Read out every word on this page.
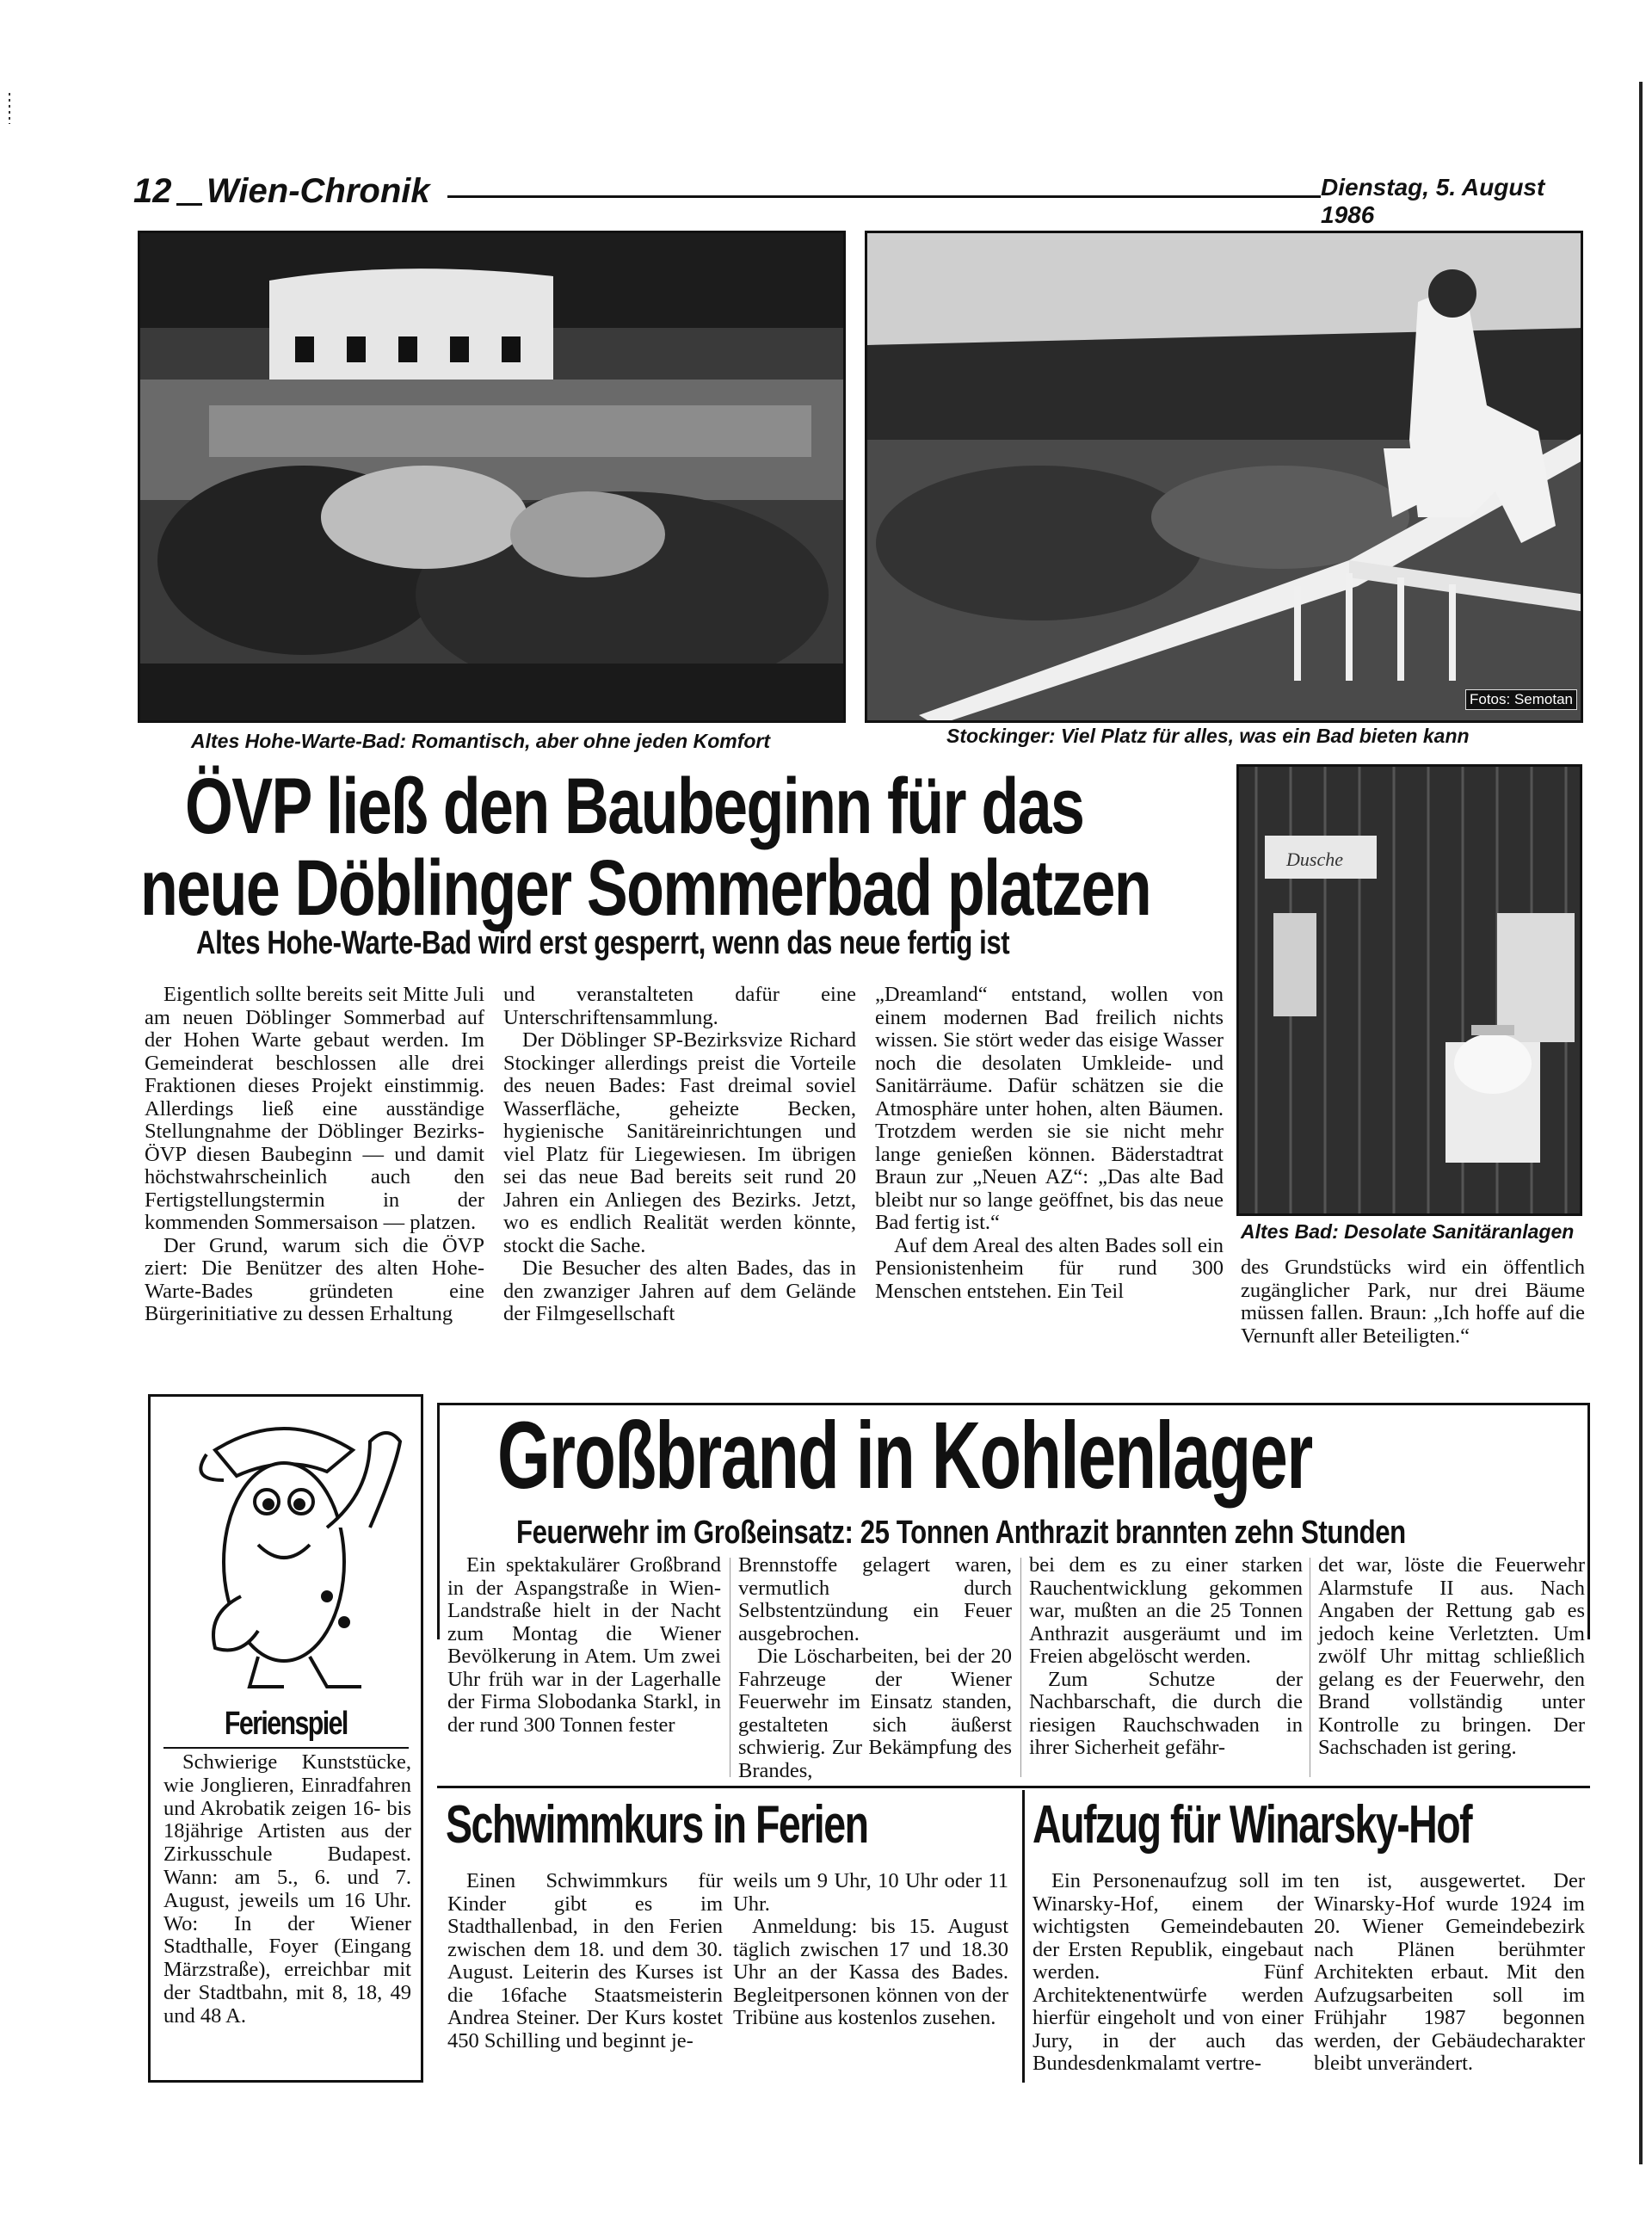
12 Wien-Chronik	Dienstag, 5. August 1986
Altes Hohe-Warte-Bad: Romantisch, aber ohne jeden Komfort
Fotos: Semotan
Stockinger: Viel Platz für alles, was ein Bad bieten kann
Dusche
Altes Bad: Desolate Sanitäranlagen
ÖVP ließ den Baubeginn für das
neue Döblinger Sommerbad platzen
Altes Hohe-Warte-Bad wird erst gesperrt, wenn das neue fertig ist

Eigentlich sollte bereits seit Mitte Juli am neuen Döblinger Sommerbad auf der Hohen Warte gebaut werden. Im Gemeinderat beschlossen alle drei Fraktionen dieses Projekt einstimmig. Allerdings ließ eine ausständige Stellungnahme der Döblinger Bezirks-ÖVP diesen Baubeginn — und damit höchstwahrscheinlich auch den Fertigstellungstermin in der kommenden Sommersaison — platzen.

Der Grund, warum sich die ÖVP ziert: Die Benützer des alten Hohe-Warte-Bades gründeten eine Bürgerinitiative zu dessen Erhaltung

und veranstalteten dafür eine Unterschriftensammlung.

Der Döblinger SP-Bezirksvize Richard Stockinger allerdings preist die Vorteile des neuen Bades: Fast dreimal soviel Wasserfläche, geheizte Becken, hygienische Sanitäreinrichtungen und viel Platz für Liegewiesen. Im übrigen sei das neue Bad bereits seit rund 20 Jahren ein Anliegen des Bezirks. Jetzt, wo es endlich Realität werden könnte, stockt die Sache.

Die Besucher des alten Bades, das in den zwanziger Jahren auf dem Gelände der Filmgesellschaft

„Dreamland“ entstand, wollen von einem modernen Bad freilich nichts wissen. Sie stört weder das eisige Wasser noch die desolaten Umkleide- und Sanitärräume. Dafür schätzen sie die Atmosphäre unter hohen, alten Bäumen. Trotzdem werden sie sie nicht mehr lange genießen können. Bäderstadtrat Braun zur „Neuen AZ“: „Das alte Bad bleibt nur so lange geöffnet, bis das neue Bad fertig ist.“

Auf dem Areal des alten Bades soll ein Pensionistenheim für rund 300 Menschen entstehen. Ein Teil

des Grundstücks wird ein öffentlich zugänglicher Park, nur drei Bäume müssen fallen. Braun: „Ich hoffe auf die Vernunft aller Beteiligten.“

Ferienspiel

Schwierige Kunststücke, wie Jonglieren, Einradfahren und Akrobatik zeigen 16- bis 18jährige Artisten aus der Zirkusschule Budapest. Wann: am 5., 6. und 7. August, jeweils um 16 Uhr. Wo: In der Wiener Stadthalle, Foyer (Eingang Märzstraße), erreichbar mit der Stadtbahn, mit 8, 18, 49 und 48 A.

Großbrand in Kohlenlager
Feuerwehr im Großeinsatz: 25 Tonnen Anthrazit brannten zehn Stunden

Ein spektakulärer Großbrand in der Aspangstraße in Wien-Landstraße hielt in der Nacht zum Montag die Wiener Bevölkerung in Atem. Um zwei Uhr früh war in der Lagerhalle der Firma Slobodanka Starkl, in der rund 300 Tonnen fester

Brennstoffe gelagert waren, vermutlich durch Selbstentzündung ein Feuer ausgebrochen.

Die Löscharbeiten, bei der 20 Fahrzeuge der Wiener Feuerwehr im Einsatz standen, gestalteten sich äußerst schwierig. Zur Bekämpfung des Brandes,

bei dem es zu einer starken Rauchentwicklung gekommen war, mußten an die 25 Tonnen Anthrazit ausgeräumt und im Freien abgelöscht werden.

Zum Schutze der Nachbarschaft, die durch die riesigen Rauchschwaden in ihrer Sicherheit gefähr-

det war, löste die Feuerwehr Alarmstufe II aus. Nach Angaben der Rettung gab es jedoch keine Verletzten. Um zwölf Uhr mittag schließlich gelang es der Feuerwehr, den Brand vollständig unter Kontrolle zu bringen. Der Sachschaden ist gering.

Schwimmkurs in Ferien

Einen Schwimmkurs für Kinder gibt es im Stadthallenbad, in den Ferien zwischen dem 18. und dem 30. August. Leiterin des Kurses ist die 16fache Staatsmeisterin Andrea Steiner. Der Kurs kostet 450 Schilling und beginnt je-

weils um 9 Uhr, 10 Uhr oder 11 Uhr.

Anmeldung: bis 15. August täglich zwischen 17 und 18.30 Uhr an der Kassa des Bades. Begleitpersonen können von der Tribüne aus kostenlos zusehen.

Aufzug für Winarsky-Hof

Ein Personenaufzug soll im Winarsky-Hof, einem der wichtigsten Gemeindebauten der Ersten Republik, eingebaut werden. Fünf Architektenentwürfe werden hierfür eingeholt und von einer Jury, in der auch das Bundesdenkmalamt vertre-

ten ist, ausgewertet. Der Winarsky-Hof wurde 1924 im 20. Wiener Gemeindebezirk nach Plänen berühmter Architekten erbaut. Mit den Aufzugsarbeiten soll im Frühjahr 1987 begonnen werden, der Gebäudecharakter bleibt unverändert.
